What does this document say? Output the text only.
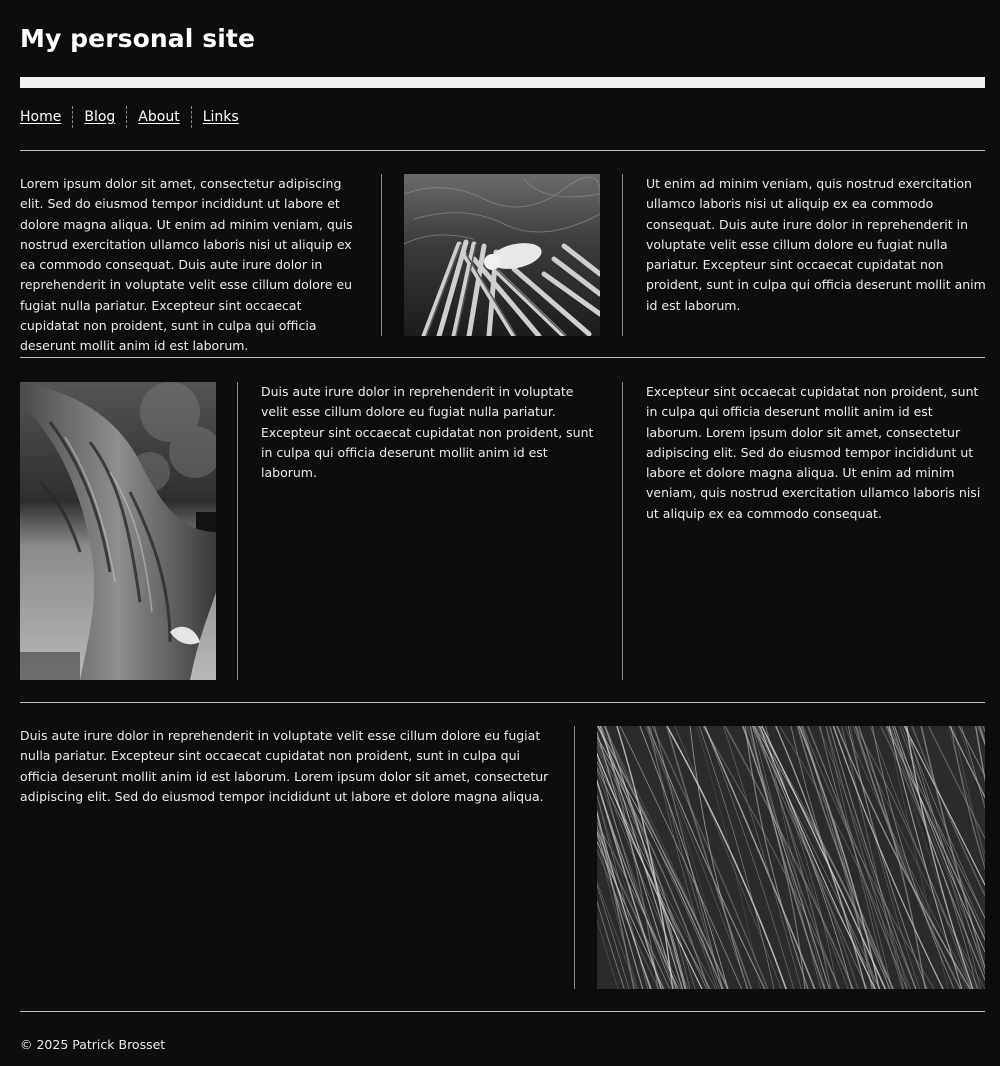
My personal site
Home	Blog	About	Links

Lorem ipsum dolor sit amet, consectetur adipiscing elit. Sed do eiusmod tempor incididunt ut labore et dolore magna aliqua. Ut enim ad minim veniam, quis nostrud exercitation ullamco laboris nisi ut aliquip ex ea commodo consequat. Duis aute irure dolor in reprehenderit in voluptate velit esse cillum dolore eu fugiat nulla pariatur. Excepteur sint occaecat cupidatat non proident, sunt in culpa qui officia deserunt mollit anim id est laborum.

Ut enim ad minim veniam, quis nostrud exercitation ullamco laboris nisi ut aliquip ex ea commodo consequat. Duis aute irure dolor in reprehenderit in voluptate velit esse cillum dolore eu fugiat nulla pariatur. Excepteur sint occaecat cupidatat non proident, sunt in culpa qui officia deserunt mollit anim id est laborum.

Duis aute irure dolor in reprehenderit in voluptate velit esse cillum dolore eu fugiat nulla pariatur. Excepteur sint occaecat cupidatat non proident, sunt in culpa qui officia deserunt mollit anim id est laborum.

Excepteur sint occaecat cupidatat non proident, sunt in culpa qui officia deserunt mollit anim id est laborum. Lorem ipsum dolor sit amet, consectetur adipiscing elit. Sed do eiusmod tempor incididunt ut labore et dolore magna aliqua. Ut enim ad minim veniam, quis nostrud exercitation ullamco laboris nisi ut aliquip ex ea commodo consequat.

Duis aute irure dolor in reprehenderit in voluptate velit esse cillum dolore eu fugiat nulla pariatur. Excepteur sint occaecat cupidatat non proident, sunt in culpa qui officia deserunt mollit anim id est laborum. Lorem ipsum dolor sit amet, consectetur adipiscing elit. Sed do eiusmod tempor incididunt ut labore et dolore magna aliqua.

© 2025 Patrick Brosset
